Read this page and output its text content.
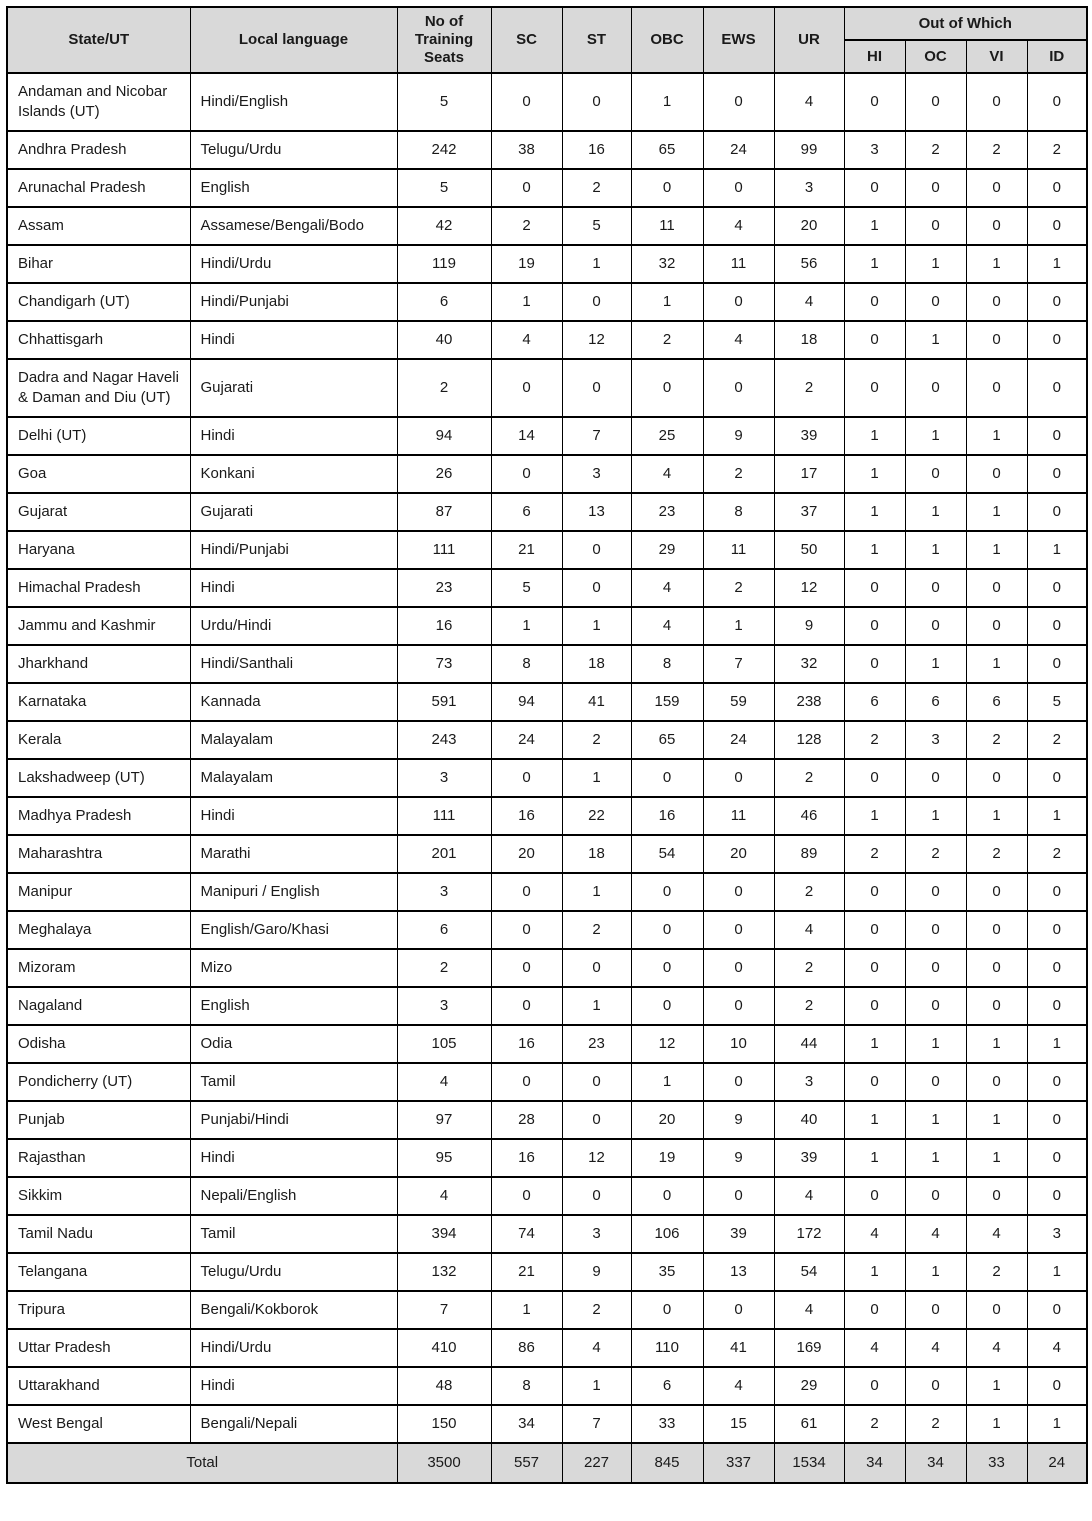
State/UT	Local language	No of Training Seats	SC	ST	OBC	EWS	UR	Out of Which			
								HI	OC	VI	ID
Andaman and Nicobar Islands (UT)	Hindi/English	5	0	0	1	0	4	0	0	0	0
Andhra Pradesh	Telugu/Urdu	242	38	16	65	24	99	3	2	2	2
Arunachal Pradesh	English	5	0	2	0	0	3	0	0	0	0
Assam	Assamese/Bengali/Bodo	42	2	5	11	4	20	1	0	0	0
Bihar	Hindi/Urdu	119	19	1	32	11	56	1	1	1	1
Chandigarh (UT)	Hindi/Punjabi	6	1	0	1	0	4	0	0	0	0
Chhattisgarh	Hindi	40	4	12	2	4	18	0	1	0	0
Dadra and Nagar Haveli & Daman and Diu (UT)	Gujarati	2	0	0	0	0	2	0	0	0	0
Delhi (UT)	Hindi	94	14	7	25	9	39	1	1	1	0
Goa	Konkani	26	0	3	4	2	17	1	0	0	0
Gujarat	Gujarati	87	6	13	23	8	37	1	1	1	0
Haryana	Hindi/Punjabi	111	21	0	29	11	50	1	1	1	1
Himachal Pradesh	Hindi	23	5	0	4	2	12	0	0	0	0
Jammu and Kashmir	Urdu/Hindi	16	1	1	4	1	9	0	0	0	0
Jharkhand	Hindi/Santhali	73	8	18	8	7	32	0	1	1	0
Karnataka	Kannada	591	94	41	159	59	238	6	6	6	5
Kerala	Malayalam	243	24	2	65	24	128	2	3	2	2
Lakshadweep (UT)	Malayalam	3	0	1	0	0	2	0	0	0	0
Madhya Pradesh	Hindi	111	16	22	16	11	46	1	1	1	1
Maharashtra	Marathi	201	20	18	54	20	89	2	2	2	2
Manipur	Manipuri / English	3	0	1	0	0	2	0	0	0	0
Meghalaya	English/Garo/Khasi	6	0	2	0	0	4	0	0	0	0
Mizoram	Mizo	2	0	0	0	0	2	0	0	0	0
Nagaland	English	3	0	1	0	0	2	0	0	0	0
Odisha	Odia	105	16	23	12	10	44	1	1	1	1
Pondicherry (UT)	Tamil	4	0	0	1	0	3	0	0	0	0
Punjab	Punjabi/Hindi	97	28	0	20	9	40	1	1	1	0
Rajasthan	Hindi	95	16	12	19	9	39	1	1	1	0
Sikkim	Nepali/English	4	0	0	0	0	4	0	0	0	0
Tamil Nadu	Tamil	394	74	3	106	39	172	4	4	4	3
Telangana	Telugu/Urdu	132	21	9	35	13	54	1	1	2	1
Tripura	Bengali/Kokborok	7	1	2	0	0	4	0	0	0	0
Uttar Pradesh	Hindi/Urdu	410	86	4	110	41	169	4	4	4	4
Uttarakhand	Hindi	48	8	1	6	4	29	0	0	1	0
West Bengal	Bengali/Nepali	150	34	7	33	15	61	2	2	1	1
Total		3500	557	227	845	337	1534	34	34	33	24
